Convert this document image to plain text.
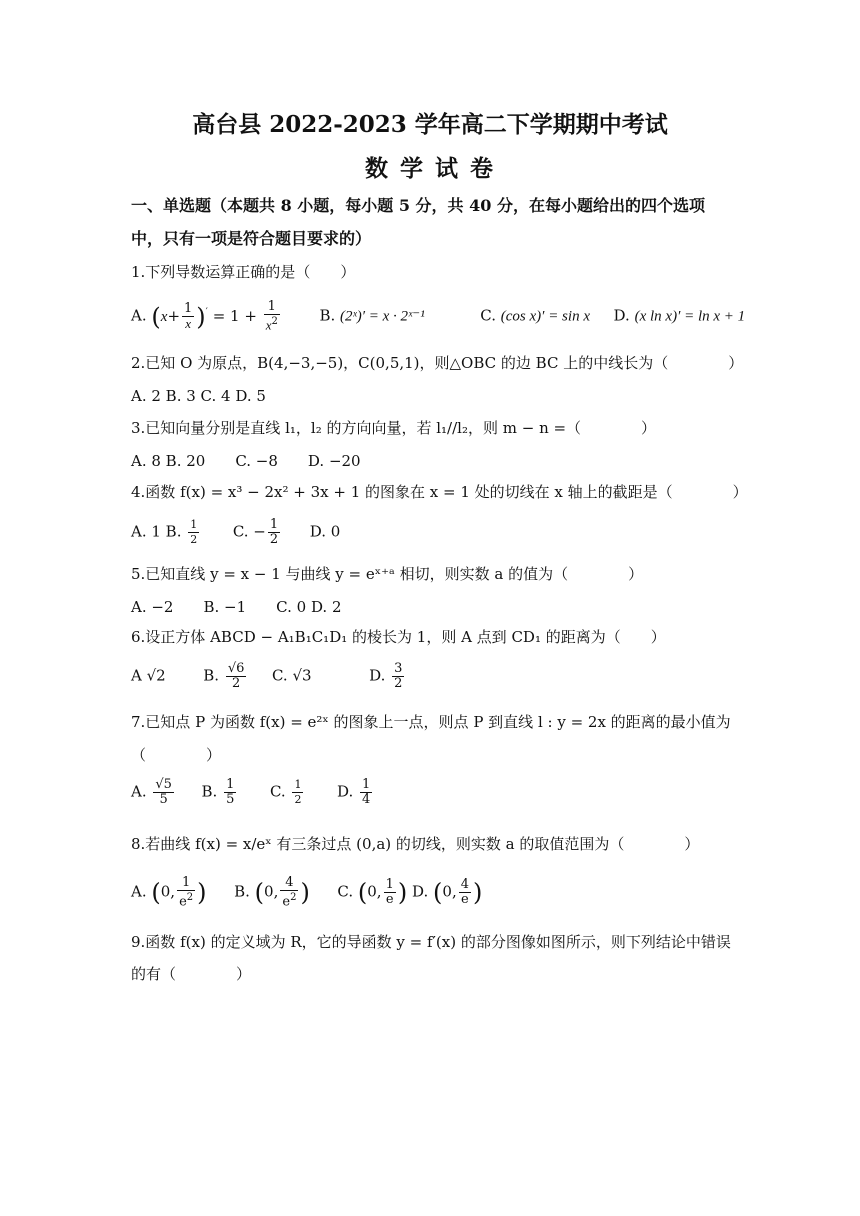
高台县 2022-2023 学年高二下学期期中考试
数 学 试 卷
一、单选题（本题共 8 小题，每小题 5 分，共 40 分，在每小题给出的四个选项
中，只有一项是符合题目要求的）
1.下列导数运算正确的是（　　）
A. $(x+ \frac{1}{x} )' = 1 + \frac{1}{x^2}$	B. (2ˣ)′ = x · 2ˣ⁻¹	C. (cos x)′ = sin x D. (x ln x)′ = ln x + 1
2.已知 O 为原点，B(4,−3,−5)，C(0,5,1)，则△OBC 的边 BC 上的中线长为（　　　　）
A. 2 B. 3 C. 4 D. 5
3.已知向量分别是直线 l₁，l₂ 的方向向量，若 l₁//l₂，则 m − n =（　　　　）
A. 8 B. 20　　C. −8　　D. −20
4.函数 f(x) = x³ − 2x² + 3x + 1 的图象在 x = 1 处的切线在 x 轴上的截距是（　　　　）
A. 1 B. $\frac{1}{2} C$. − $\frac{1}{2} D$. 0
5.已知直线 y = x − 1 与曲线 y = eˣ⁺ᵃ 相切，则实数 a 的值为（　　　　）
A. −2　　B. −1　　C. 0 D. 2
6.设正方体 ABCD − A₁B₁C₁D₁ 的棱长为 1，则 A 点到 CD₁ 的距离为（　　）
A √2	B. $\frac{√6}{2} C$. √3	D. $\frac{3}{2}$
7.已知点 P 为函数 f(x) = e²ˣ 的图象上一点，则点 P 到直线 l : y = 2x 的距离的最小值为
（　　　　）
A. $\frac{√5}{5} B$. $\frac{1}{5} C$. $\frac{1}{2} D$. $\frac{1}{4}$
8.若曲线 f(x) = x/eˣ 有三条过点 (0,a) 的切线，则实数 a 的取值范围为（　　　　）
A. (0, $\frac{1}{e^2}$ ) B. (0, $\frac{4}{e^2}$ ) C. (0, $\frac{1}{e}$ ) D. (0, $\frac{4}{e}$ )
9.函数 f(x) 的定义域为 R，它的导函数 y = f′(x) 的部分图像如图所示，则下列结论中错误
的有（　　　　）
